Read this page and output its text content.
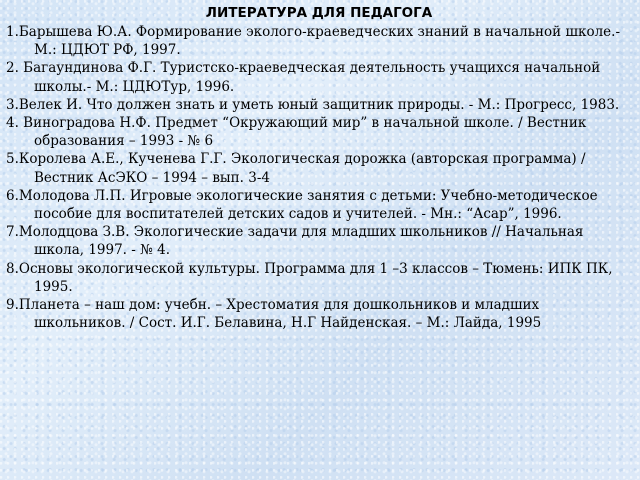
ЛИТЕРАТУРА ДЛЯ ПЕДАГОГА
1.Барышева Ю.А. Формирование эколого-краеведческих знаний в начальной школе.- М.: ЦДЮТ РФ, 1997.
2. Багаундинова Ф.Г. Туристско-краеведческая деятельность учащихся начальной школы.- М.: ЦДЮТур, 1996.
3.Велек И. Что должен знать и уметь юный защитник природы. - М.: Прогресс, 1983.
4. Виноградова Н.Ф. Предмет “Окружающий мир” в начальной школе. / Вестник образования – 1993 - № 6
5.Королева А.Е., Кученева Г.Г. Экологическая дорожка (авторская программа) / Вестник АсЭКО – 1994 – вып. 3-4
6.Молодова Л.П. Игровые экологические занятия с детьми: Учебно-методическое пособие для воспитателей детских садов и учителей. - Мн.: “Асар”, 1996.
7.Молодцова З.В. Экологические задачи для младших школьников // Начальная школа, 1997. - № 4.
8.Основы экологической культуры. Программа для 1 –3 классов – Тюмень: ИПК ПК, 1995.
9.Планета – наш дом: учебн. – Хрестоматия для дошкольников и младших школьников. / Сост. И.Г. Белавина, Н.Г Найденская. – М.: Лайда, 1995
